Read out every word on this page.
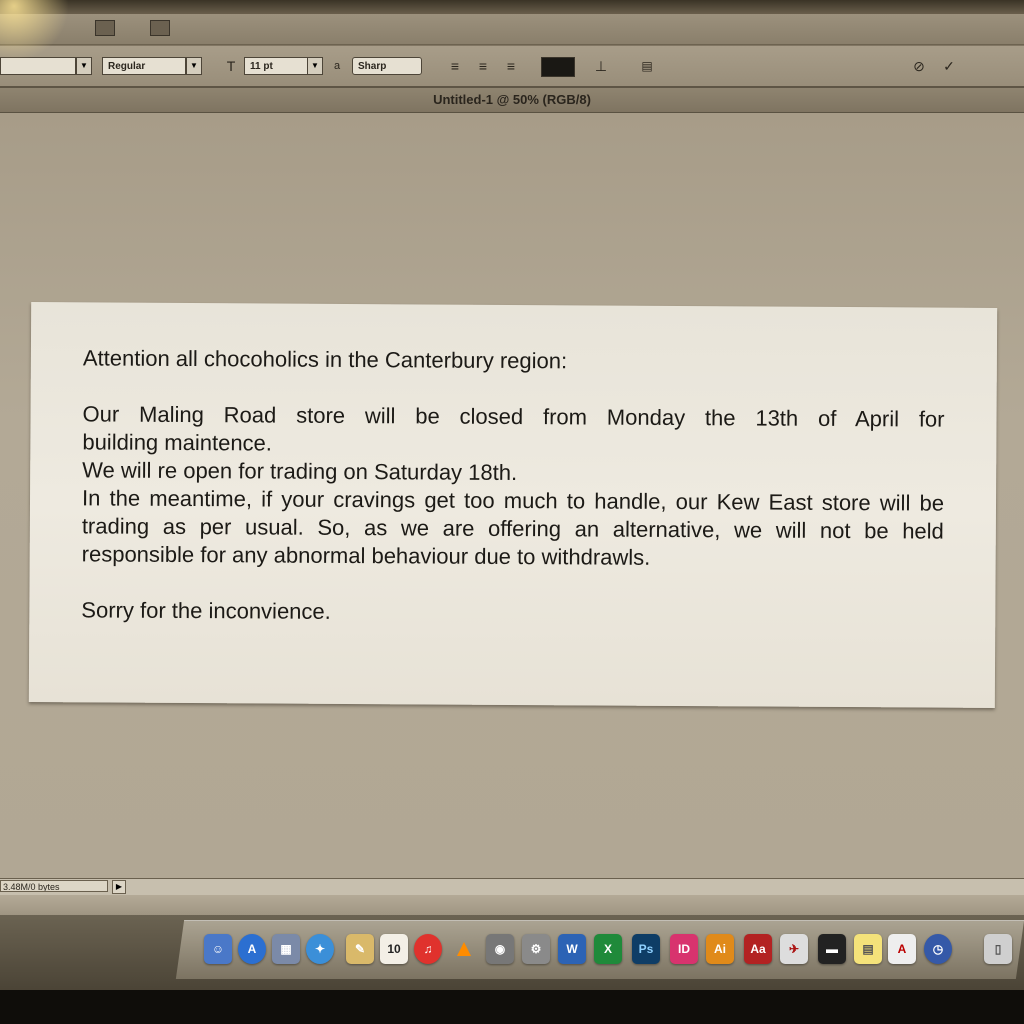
▼	Regular	▼	T	11 pt	▼	a	Sharp	≡	≡	≡	⊥	▤	⊘ ✓
Untitled-1 @ 50% (RGB/8)

Attention all chocoholics in the Canterbury region:

Our Maling Road store will be closed from Monday the 13th of April for

building maintence.

We will re open for trading on Saturday 18th.

In the meantime, if your cravings get too much to handle, our Kew East store will be trading as per usual. So, as we are offering an alternative, we will not be held responsible for any abnormal behaviour due to withdrawls.

Sorry for the inconvience.

3.48M/0 bytes	▶
☺	A	▦	✦	✎	10	♫ ▲	◉	⚙	W	X	Ps	ID	Ai	Aa	✈	▬	▤	A	◷	▯
